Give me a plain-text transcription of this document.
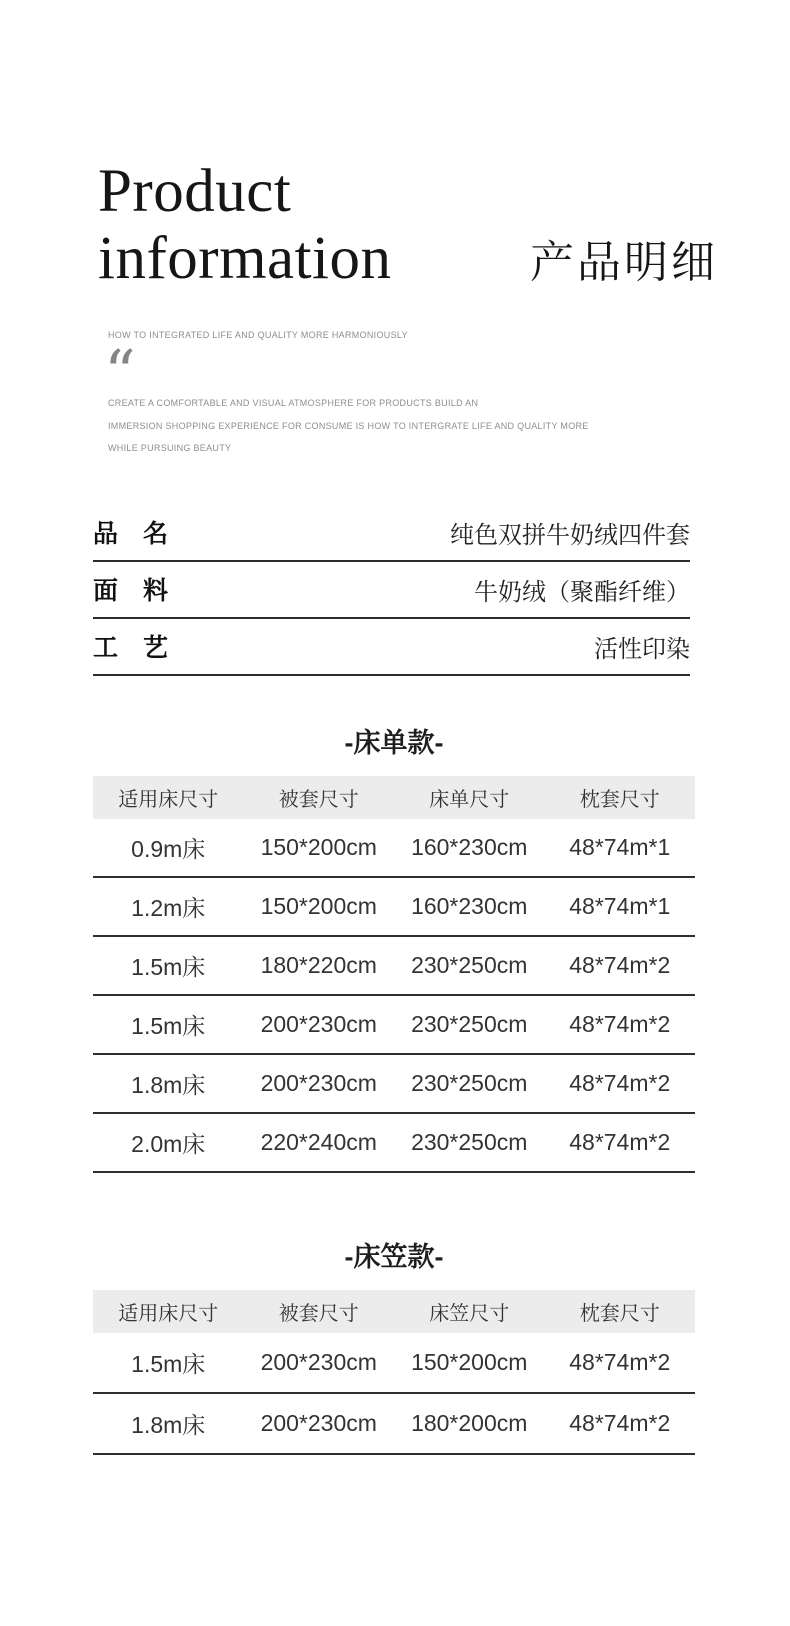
Product
information	产品明细
HOW TO INTEGRATED LIFE AND QUALITY MORE HARMONIOUSLY
“
CREATE A COMFORTABLE AND VISUAL ATMOSPHERE FOR PRODUCTS BUILD AN
IMMERSION SHOPPING EXPERIENCE FOR CONSUME IS HOW TO INTERGRATE LIFE AND QUALITY MORE
WHILE PURSUING BEAUTY
品　名	纯色双拼牛奶绒四件套
面　料	牛奶绒（聚酯纤维）
工　艺	活性印染
-床单款-
适用床尺寸	被套尺寸	床单尺寸	枕套尺寸
0.9m床	150*200cm	160*230cm	48*74m*1
1.2m床	150*200cm	160*230cm	48*74m*1
1.5m床	180*220cm	230*250cm	48*74m*2
1.5m床	200*230cm	230*250cm	48*74m*2
1.8m床	200*230cm	230*250cm	48*74m*2
2.0m床	220*240cm	230*250cm	48*74m*2
-床笠款-
适用床尺寸	被套尺寸	床笠尺寸	枕套尺寸
1.5m床	200*230cm	150*200cm	48*74m*2
1.8m床	200*230cm	180*200cm	48*74m*2
